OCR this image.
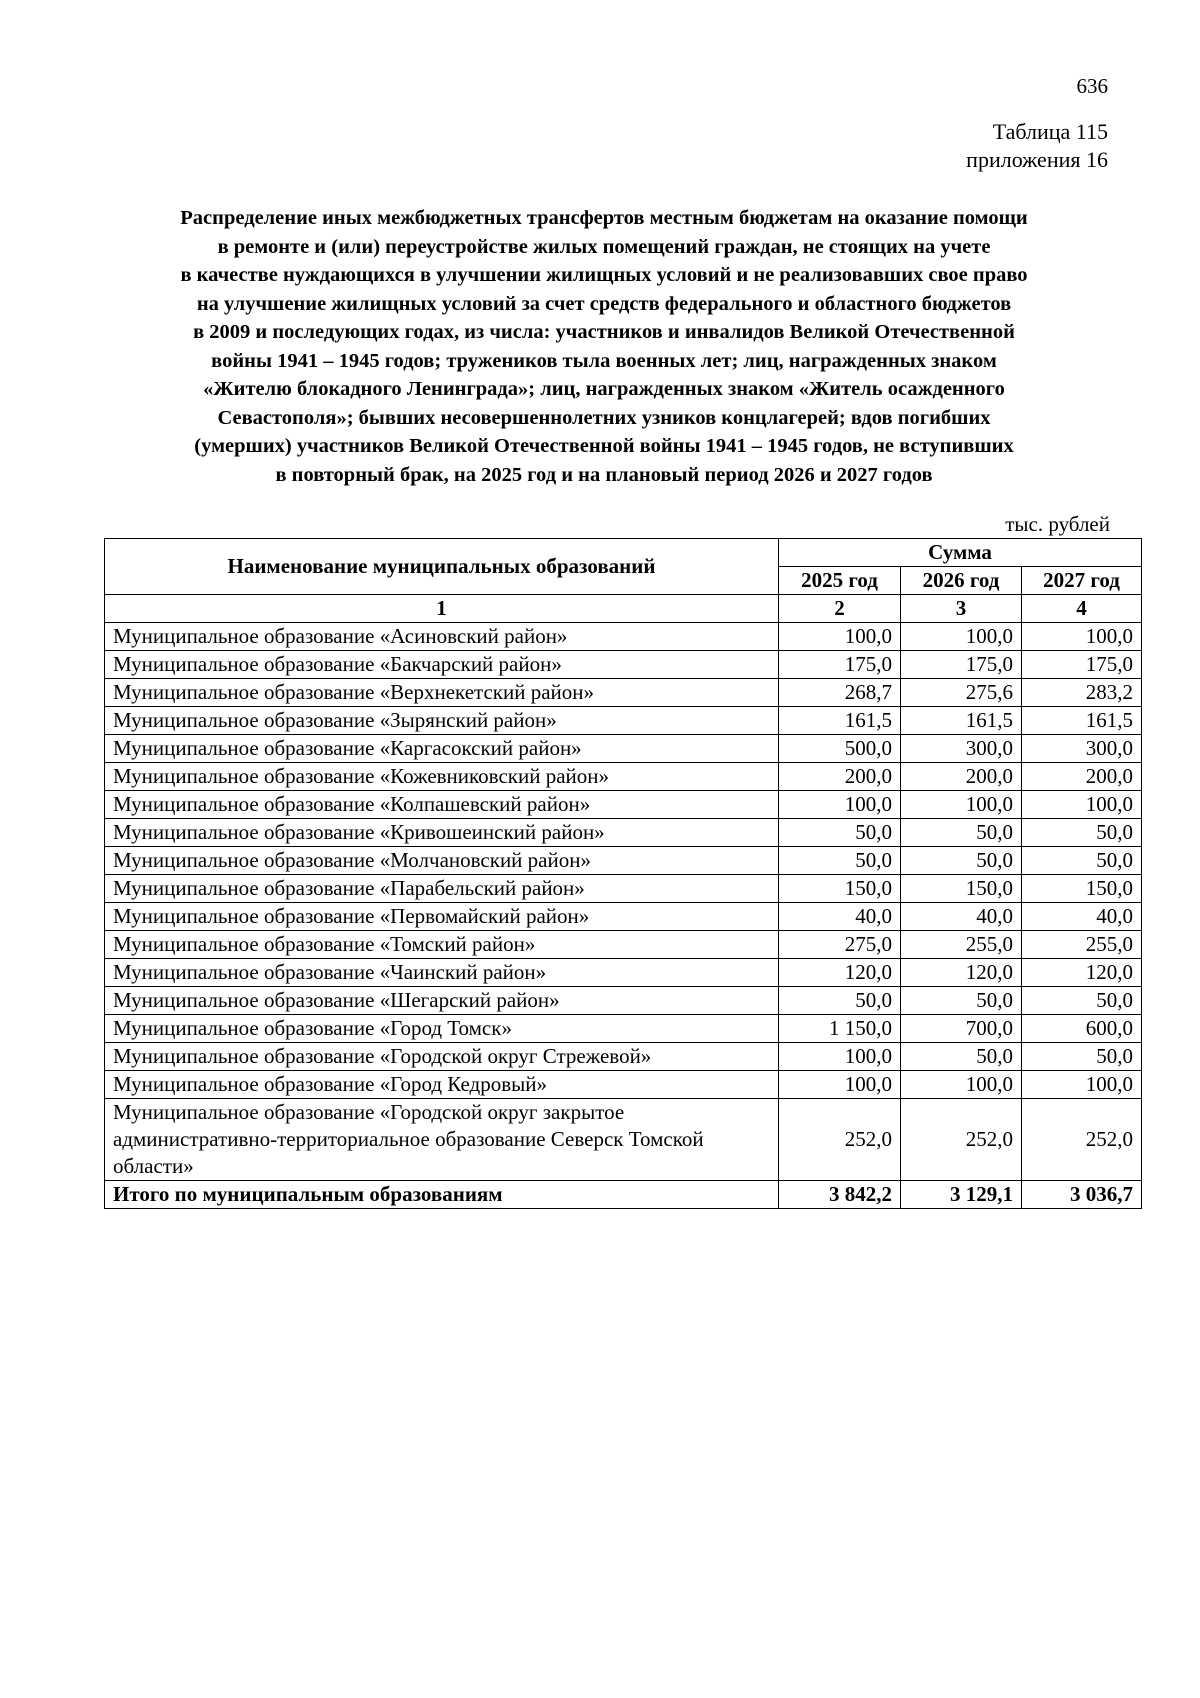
636
Таблица 115
приложения 16
Распределение иных межбюджетных трансфертов местным бюджетам на оказание помощи
в ремонте и (или) переустройстве жилых помещений граждан, не стоящих на учете
в качестве нуждающихся в улучшении жилищных условий и не реализовавших свое право
на улучшение жилищных условий за счет средств федерального и областного бюджетов
в 2009 и последующих годах, из числа: участников и инвалидов Великой Отечественной
войны 1941 – 1945 годов; тружеников тыла военных лет; лиц, награжденных знаком
«Жителю блокадного Ленинграда»; лиц, награжденных знаком «Житель осажденного
Севастополя»; бывших несовершеннолетних узников концлагерей; вдов погибших
(умерших) участников Великой Отечественной войны 1941 – 1945 годов, не вступивших
в повторный брак, на 2025 год и на плановый период 2026 и 2027 годов
тыс. рублей
Наименование муниципальных образований	Сумма		
	2025 год	2026 год	2027 год
1	2	3	4
Муниципальное образование «Асиновский район»	100,0	100,0	100,0
Муниципальное образование «Бакчарский район»	175,0	175,0	175,0
Муниципальное образование «Верхнекетский район»	268,7	275,6	283,2
Муниципальное образование «Зырянский район»	161,5	161,5	161,5
Муниципальное образование «Каргасокский район»	500,0	300,0	300,0
Муниципальное образование «Кожевниковский район»	200,0	200,0	200,0
Муниципальное образование «Колпашевский район»	100,0	100,0	100,0
Муниципальное образование «Кривошеинский район»	50,0	50,0	50,0
Муниципальное образование «Молчановский район»	50,0	50,0	50,0
Муниципальное образование «Парабельский район»	150,0	150,0	150,0
Муниципальное образование «Первомайский район»	40,0	40,0	40,0
Муниципальное образование «Томский район»	275,0	255,0	255,0
Муниципальное образование «Чаинский район»	120,0	120,0	120,0
Муниципальное образование «Шегарский район»	50,0	50,0	50,0
Муниципальное образование «Город Томск»	1 150,0	700,0	600,0
Муниципальное образование «Городской округ Стрежевой»	100,0	50,0	50,0
Муниципальное образование «Город Кедровый»	100,0	100,0	100,0
Муниципальное образование «Городской округ закрытое административно-территориальное образование Северск Томской области»	252,0	252,0	252,0
Итого по муниципальным образованиям	3 842,2	3 129,1	3 036,7
